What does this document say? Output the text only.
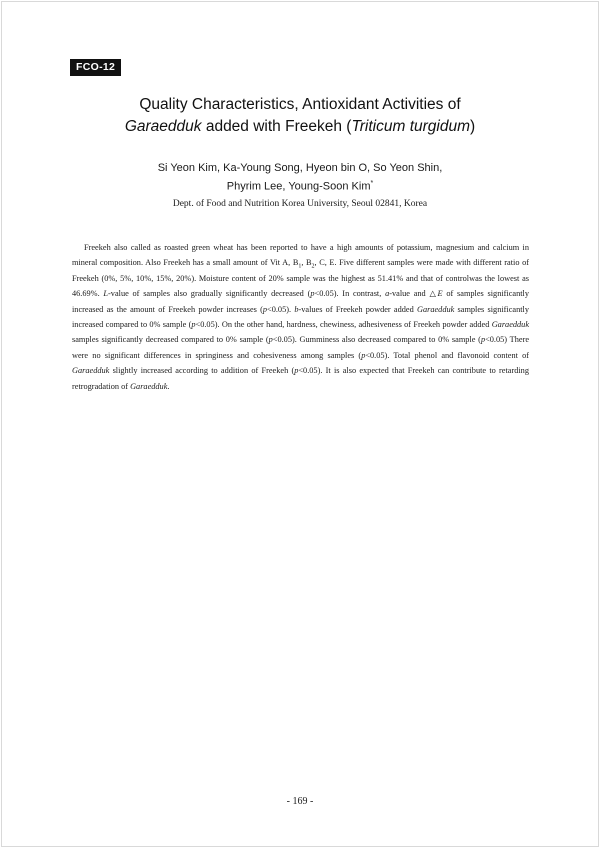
FCO-12
Quality Characteristics, Antioxidant Activities of
Garaedduk added with Freekeh (Triticum turgidum)
Si Yeon Kim, Ka-Young Song, Hyeon bin O, So Yeon Shin,
Phyrim Lee, Young-Soon Kim*
Dept. of Food and Nutrition Korea University, Seoul 02841, Korea

Freekeh also called as roasted green wheat has been reported to have a high amounts of potassium, magnesium and calcium in mineral composition. Also Freekeh has a small amount of Vit A, $B_1$, $B_2$, C, E. Five different samples were made with different ratio of Freekeh (0%, 5%, 10%, 15%, 20%). Moisture content of 20% sample was the highest as 51.41% and that of controlwas the lowest as 46.69%. L-value of samples also gradually significantly decreased (p<0.05). In contrast, a-value and △E of samples significantly increased as the amount of Freekeh powder increases (p<0.05). b-values of Freekeh powder added Garaedduk samples significantly increased compared to 0% sample (p<0.05). On the other hand, hardness, chewiness, adhesiveness of Freekeh powder added Garaedduk samples significantly decreased compared to 0% sample (p<0.05). Gumminess also decreased compared to 0% sample (p<0.05) There were no significant differences in springiness and cohesiveness among samples (p<0.05). Total phenol and flavonoid content of Garaedduk slightly increased according to addition of Freekeh (p<0.05). It is also expected that Freekeh can contribute to retarding retrogradation of Garaedduk.

- 169 -
